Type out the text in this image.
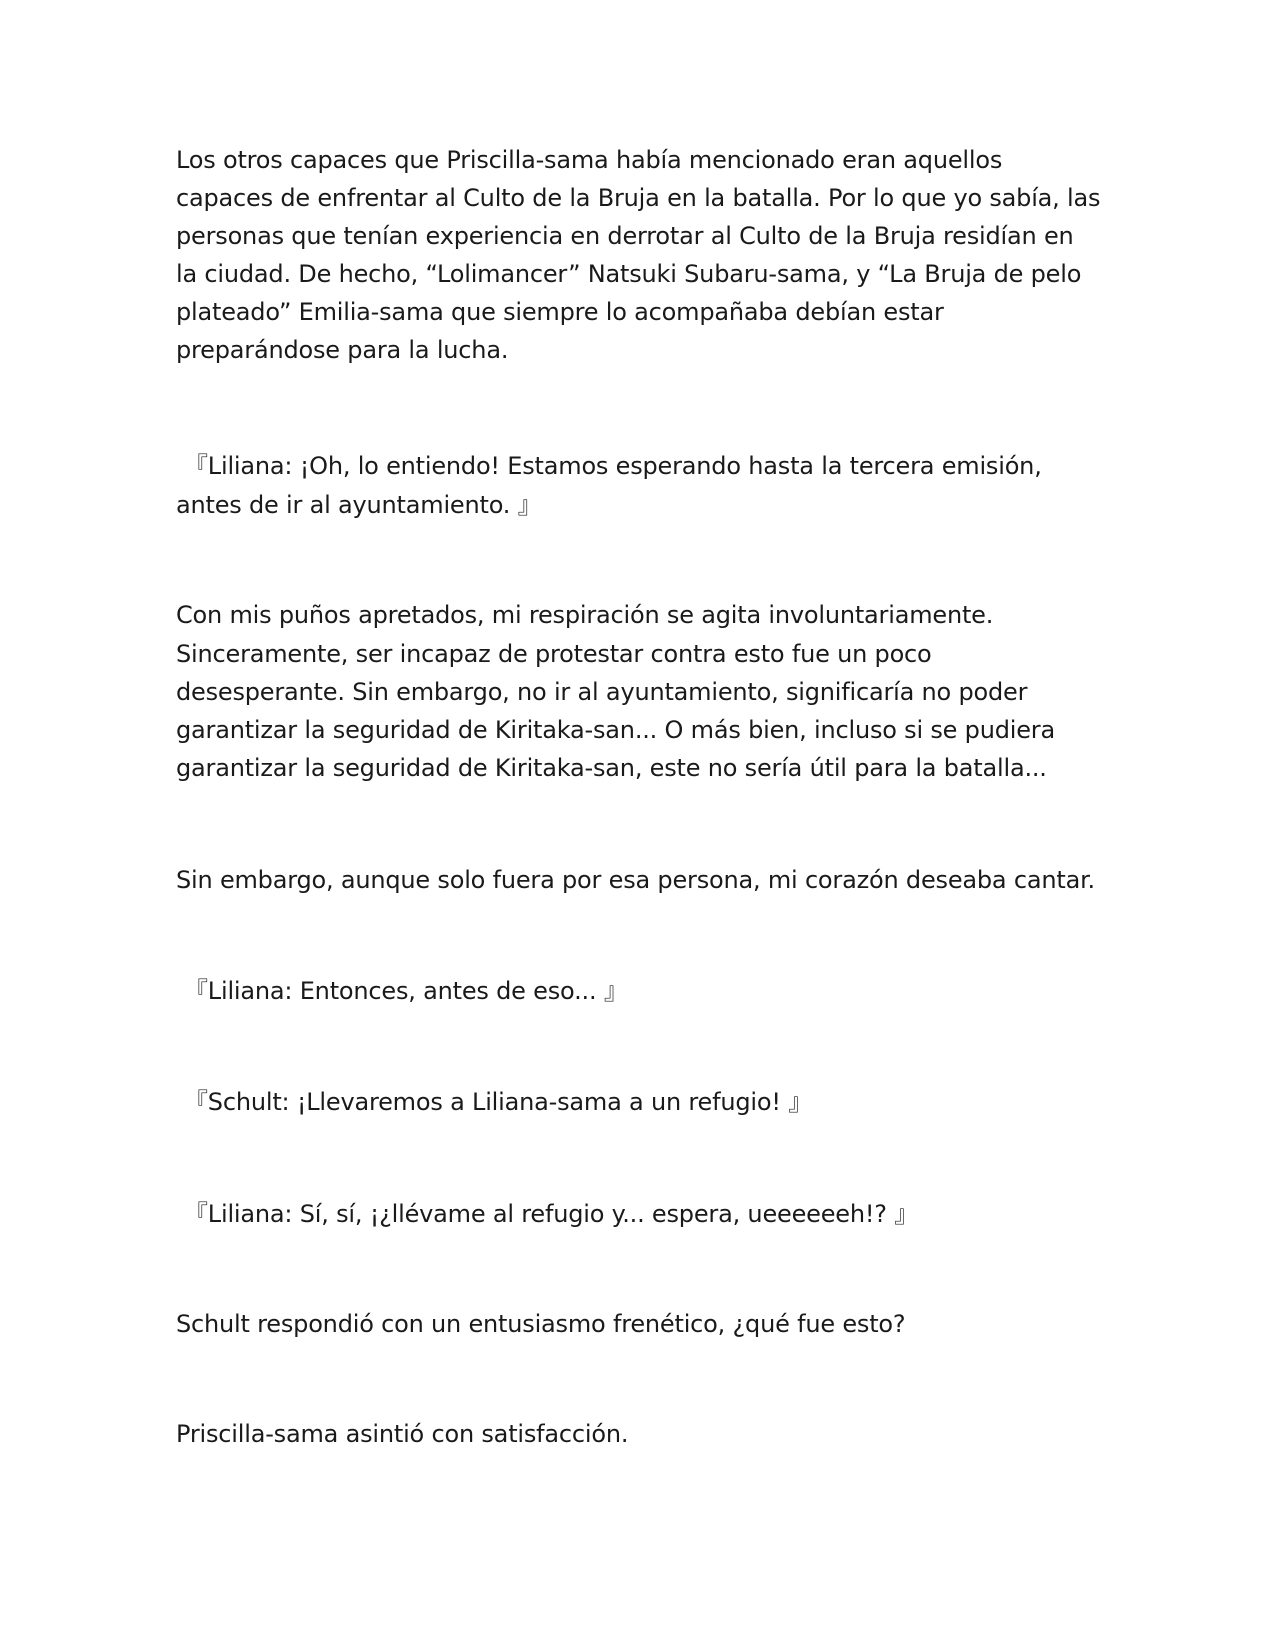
Los otros capaces que Priscilla-sama había mencionado eran aquellos

capaces de enfrentar al Culto de la Bruja en la batalla. Por lo que yo sabía, las

personas que tenían experiencia en derrotar al Culto de la Bruja residían en

la ciudad. De hecho, “Lolimancer” Natsuki Subaru-sama, y “La Bruja de pelo

plateado” Emilia-sama que siempre lo acompañaba debían estar

preparándose para la lucha.

『Liliana: ¡Oh, lo entiendo! Estamos esperando hasta la tercera emisión,

antes de ir al ayuntamiento. 』

Con mis puños apretados, mi respiración se agita involuntariamente.

Sinceramente, ser incapaz de protestar contra esto fue un poco

desesperante. Sin embargo, no ir al ayuntamiento, significaría no poder

garantizar la seguridad de Kiritaka-san... O más bien, incluso si se pudiera

garantizar la seguridad de Kiritaka-san, este no sería útil para la batalla...

Sin embargo, aunque solo fuera por esa persona, mi corazón deseaba cantar.

『Liliana: Entonces, antes de eso... 』

『Schult: ¡Llevaremos a Liliana-sama a un refugio! 』

『Liliana: Sí, sí, ¡¿llévame al refugio y... espera, ueeeeeeh!? 』

Schult respondió con un entusiasmo frenético, ¿qué fue esto?

Priscilla-sama asintió con satisfacción.
